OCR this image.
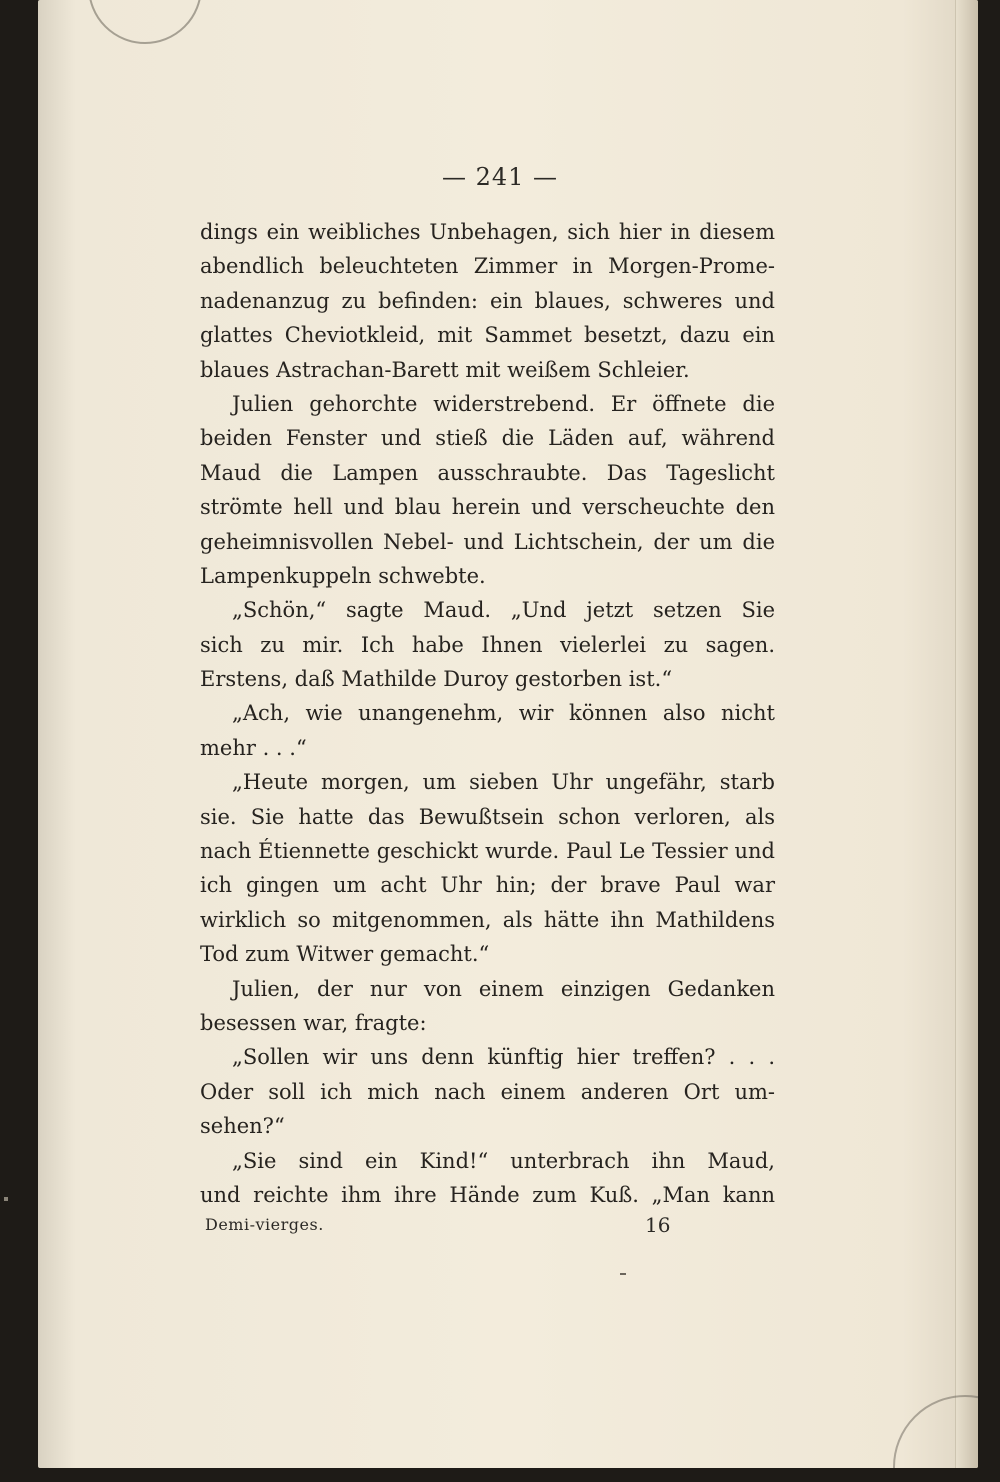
— 241 —
dings ein weibliches Unbehagen, sich hier in diesem
abendlich beleuchteten Zimmer in Morgen-Prome-
nadenanzug zu befinden: ein blaues, schweres und
glattes Cheviotkleid, mit Sammet besetzt, dazu ein
blaues Astrachan-Barett mit weißem Schleier.
Julien gehorchte widerstrebend. Er öffnete die
beiden Fenster und stieß die Läden auf, während
Maud die Lampen ausschraubte. Das Tageslicht
strömte hell und blau herein und verscheuchte den
geheimnisvollen Nebel- und Lichtschein, der um die
Lampenkuppeln schwebte.
„Schön,“ sagte Maud. „Und jetzt setzen Sie
sich zu mir. Ich habe Ihnen vielerlei zu sagen.
Erstens, daß Mathilde Duroy gestorben ist.“
„Ach, wie unangenehm, wir können also nicht
mehr . . .“
„Heute morgen, um sieben Uhr ungefähr, starb
sie. Sie hatte das Bewußtsein schon verloren, als
nach Étiennette geschickt wurde. Paul Le Tessier und
ich gingen um acht Uhr hin; der brave Paul war
wirklich so mitgenommen, als hätte ihn Mathildens
Tod zum Witwer gemacht.“
Julien, der nur von einem einzigen Gedanken
besessen war, fragte:
„Sollen wir uns denn künftig hier treffen? . . .
Oder soll ich mich nach einem anderen Ort um-
sehen?“
„Sie sind ein Kind!“ unterbrach ihn Maud,
und reichte ihm ihre Hände zum Kuß. „Man kann
Demi-vierges.	16
